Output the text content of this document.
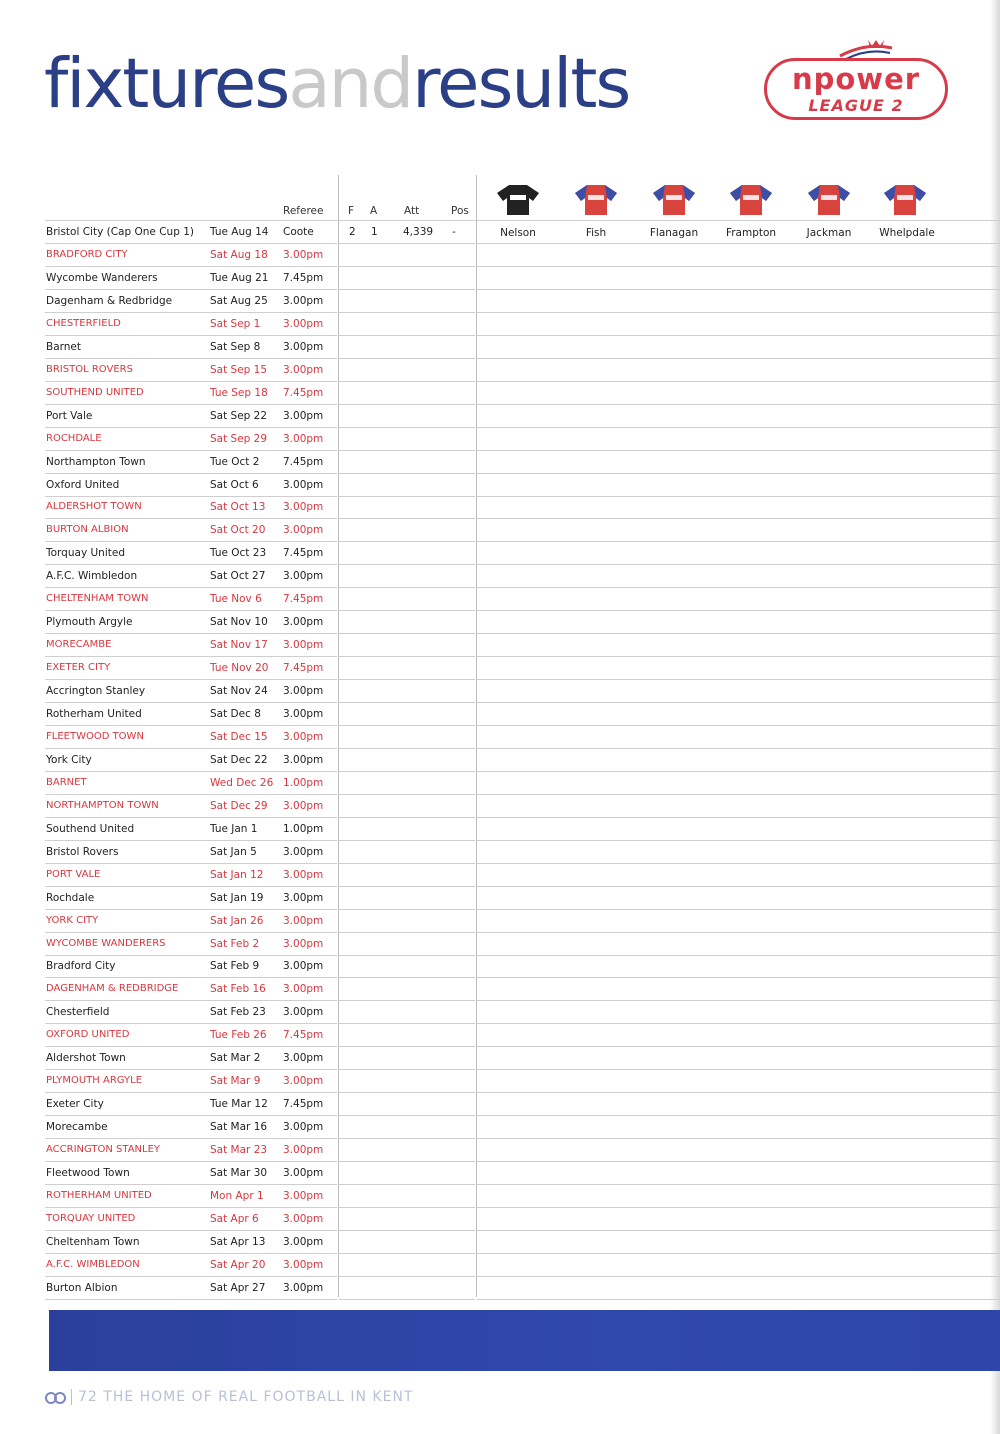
fixturesandresults	npower
LEAGUE 2
Referee F A	Att	Pos
Nelson	Fish	Flanagan	Frampton	Jackman	Whelpdale
Bristol City (Cap One Cup 1) Tue Aug 14 Coote	2 1 4,339 -
BRADFORD CITY	Sat Aug 18 3.00pm
Wycombe Wanderers	Tue Aug 21 7.45pm
Dagenham & Redbridge	Sat Aug 25 3.00pm
CHESTERFIELD	Sat Sep 1 3.00pm
Barnet	Sat Sep 8 3.00pm
BRISTOL ROVERS	Sat Sep 15 3.00pm
SOUTHEND UNITED	Tue Sep 18 7.45pm
Port Vale	Sat Sep 22 3.00pm
ROCHDALE	Sat Sep 29 3.00pm
Northampton Town	Tue Oct 2 7.45pm
Oxford United	Sat Oct 6 3.00pm
ALDERSHOT TOWN	Sat Oct 13 3.00pm
BURTON ALBION	Sat Oct 20 3.00pm
Torquay United	Tue Oct 23 7.45pm
A.F.C. Wimbledon	Sat Oct 27 3.00pm
CHELTENHAM TOWN	Tue Nov 6 7.45pm
Plymouth Argyle	Sat Nov 10 3.00pm
MORECAMBE	Sat Nov 17 3.00pm
EXETER CITY	Tue Nov 20 7.45pm
Accrington Stanley	Sat Nov 24 3.00pm
Rotherham United	Sat Dec 8 3.00pm
FLEETWOOD TOWN	Sat Dec 15 3.00pm
York City	Sat Dec 22 3.00pm
BARNET	Wed Dec 26 1.00pm
NORTHAMPTON TOWN	Sat Dec 29 3.00pm
Southend United	Tue Jan 1 1.00pm
Bristol Rovers	Sat Jan 5 3.00pm
PORT VALE	Sat Jan 12 3.00pm
Rochdale	Sat Jan 19 3.00pm
YORK CITY	Sat Jan 26 3.00pm
WYCOMBE WANDERERS	Sat Feb 2 3.00pm
Bradford City	Sat Feb 9 3.00pm
DAGENHAM & REDBRIDGE	Sat Feb 16 3.00pm
Chesterfield	Sat Feb 23 3.00pm
OXFORD UNITED	Tue Feb 26 7.45pm
Aldershot Town	Sat Mar 2 3.00pm
PLYMOUTH ARGYLE	Sat Mar 9 3.00pm
Exeter City	Tue Mar 12 7.45pm
Morecambe	Sat Mar 16 3.00pm
ACCRINGTON STANLEY	Sat Mar 23 3.00pm
Fleetwood Town	Sat Mar 30 3.00pm
ROTHERHAM UNITED	Mon Apr 1 3.00pm
TORQUAY UNITED	Sat Apr 6 3.00pm
Cheltenham Town	Sat Apr 13 3.00pm
A.F.C. WIMBLEDON	Sat Apr 20 3.00pm
Burton Albion	Sat Apr 27 3.00pm
72 THE HOME OF REAL FOOTBALL IN KENT
